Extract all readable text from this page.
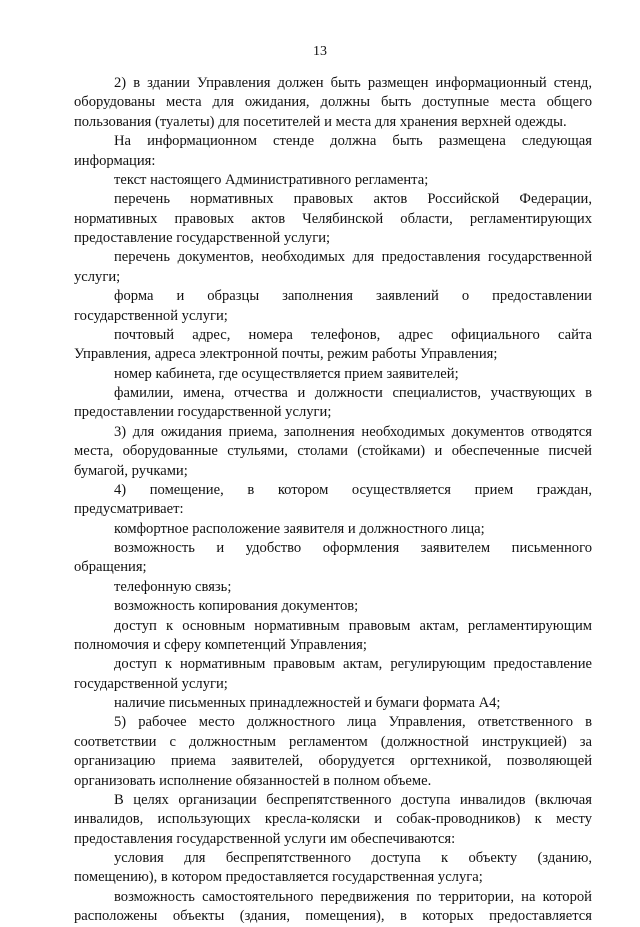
13
2) в здании Управления должен быть размещен информационный стенд,
оборудованы места для ожидания, должны быть доступные места общего
пользования (туалеты) для посетителей и места для хранения верхней одежды.
На информационном стенде должна быть размещена следующая
информация:
текст настоящего Административного регламента;
перечень нормативных правовых актов Российской Федерации,
нормативных правовых актов Челябинской области, регламентирующих
предоставление государственной услуги;
перечень документов, необходимых для предоставления государственной
услуги;
форма и образцы заполнения заявлений о предоставлении
государственной услуги;
почтовый адрес, номера телефонов, адрес официального сайта
Управления, адреса электронной почты, режим работы Управления;
номер кабинета, где осуществляется прием заявителей;
фамилии, имена, отчества и должности специалистов, участвующих в
предоставлении государственной услуги;
3) для ожидания приема, заполнения необходимых документов отводятся
места, оборудованные стульями, столами (стойками) и обеспеченные писчей
бумагой, ручками;
4) помещение, в котором осуществляется прием граждан,
предусматривает:
комфортное расположение заявителя и должностного лица;
возможность и удобство оформления заявителем письменного
обращения;
телефонную связь;
возможность копирования документов;
доступ к основным нормативным правовым актам, регламентирующим
полномочия и сферу компетенций Управления;
доступ к нормативным правовым актам, регулирующим предоставление
государственной услуги;
наличие письменных принадлежностей и бумаги формата А4;
5) рабочее место должностного лица Управления, ответственного в
соответствии с должностным регламентом (должностной инструкцией) за
организацию приема заявителей, оборудуется оргтехникой, позволяющей
организовать исполнение обязанностей в полном объеме.
В целях организации беспрепятственного доступа инвалидов (включая
инвалидов, использующих кресла-коляски и собак-проводников) к месту
предоставления государственной услуги им обеспечиваются:
условия для беспрепятственного доступа к объекту (зданию,
помещению), в котором предоставляется государственная услуга;
возможность самостоятельного передвижения по территории, на которой
расположены объекты (здания, помещения), в которых предоставляется
